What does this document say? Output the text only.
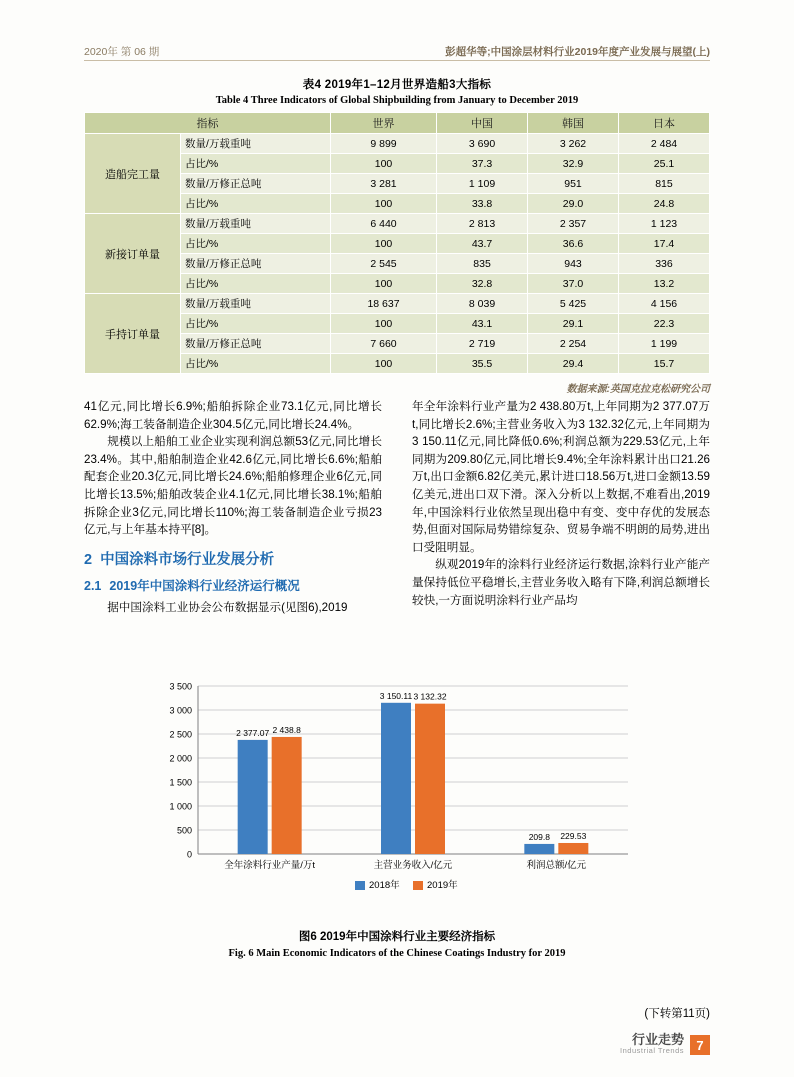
2020年 第 06 期	彭超华等;中国涂层材料行业2019年度产业发展与展望(上)
表4 2019年1–12月世界造船3大指标
Table 4 Three Indicators of Global Shipbuilding from January to December 2019
指标		世界	中国	韩国	日本
造船完工量	数量/万载重吨	9 899	3 690	3 262	2 484
	占比/%	100	37.3	32.9	25.1
	数量/万修正总吨	3 281	1 109	951	815
	占比/%	100	33.8	29.0	24.8
新接订单量	数量/万载重吨	6 440	2 813	2 357	1 123
	占比/%	100	43.7	36.6	17.4
	数量/万修正总吨	2 545	835	943	336
	占比/%	100	32.8	37.0	13.2
手持订单量	数量/万载重吨	18 637	8 039	5 425	4 156
	占比/%	100	43.1	29.1	22.3
	数量/万修正总吨	7 660	2 719	2 254	1 199
	占比/%	100	35.5	29.4	15.7
数据来源:英国克拉克松研究公司

41亿元,同比增长6.9%;船舶拆除企业73.1亿元,同比增长62.9%;海工装备制造企业304.5亿元,同比增长24.4%。

规模以上船舶工业企业实现利润总额53亿元,同比增长23.4%。其中,船舶制造企业42.6亿元,同比增长6.6%;船舶配套企业20.3亿元,同比增长24.6%;船舶修理企业6亿元,同比增长13.5%;船舶改装企业4.1亿元,同比增长38.1%;船舶拆除企业3亿元,同比增长110%;海工装备制造企业亏损23亿元,与上年基本持平[8]。

2 中国涂料市场行业发展分析
2.1 2019年中国涂料行业经济运行概况

据中国涂料工业协会公布数据显示(见图6),2019

年全年涂料行业产量为2 438.80万t,上年同期为2 377.07万t,同比增长2.6%;主营业务收入为3 132.32亿元,上年同期为3 150.11亿元,同比降低0.6%;利润总额为229.53亿元,上年同期为209.80亿元,同比增长9.4%;全年涂料累计出口21.26万t,出口金额6.82亿美元,累计进口18.56万t,进口金额13.59亿美元,进出口双下滑。深入分析以上数据,不难看出,2019年,中国涂料行业依然呈现出稳中有变、变中存优的发展态势,但面对国际局势错综复杂、贸易争端不明朗的局势,进出口受阻明显。

纵观2019年的涂料行业经济运行数据,涂料行业产能产量保持低位平稳增长,主营业务收入略有下降,利润总额增长较快,一方面说明涂料行业产品均

0
500
1 000
1 500
2 000
2 500
3 000
3 500
2 377.07 2 438.8
全年涂料行业产量/万t
3 150.11 3 132.32
主营业务收入/亿元
209.8 229.53
利润总额/亿元
2018年	2019年
图6 2019年中国涂料行业主要经济指标
Fig. 6 Main Economic Indicators of the Chinese Coatings Industry for 2019
(下转第11页)
行业走势
Industrial Trends 7
